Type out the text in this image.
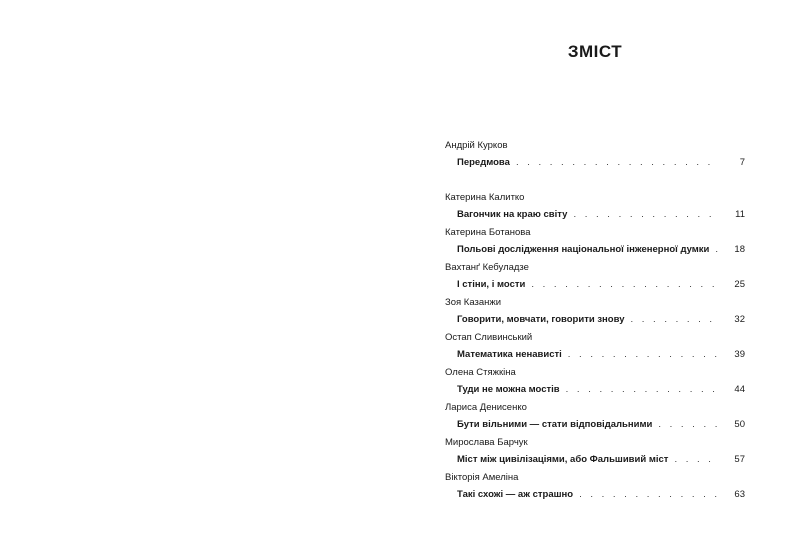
ЗМІСТ
Андрій Курков
Передмова . . .	7
Катерина Калитко
Вагончик на краю світу . . .	11
Катерина Ботанова
Польові дослідження національної інженерної думки . . .	18
Вахтанґ Кебуладзе
І стіни, і мости . . .	25
Зоя Казанжи
Говорити, мовчати, говорити знову . . .	32
Остап Сливинський
Математика ненависті . . .	39
Олена Стяжкіна
Туди не можна мостів . . .	44
Лариса Денисенко
Бути вільними — стати відповідальними . . .	50
Мирослава Барчук
Міст між цивілізаціями, або Фальшивий міст . . .	57
Вікторія Амеліна
Такі схожі — аж страшно . . .	63
